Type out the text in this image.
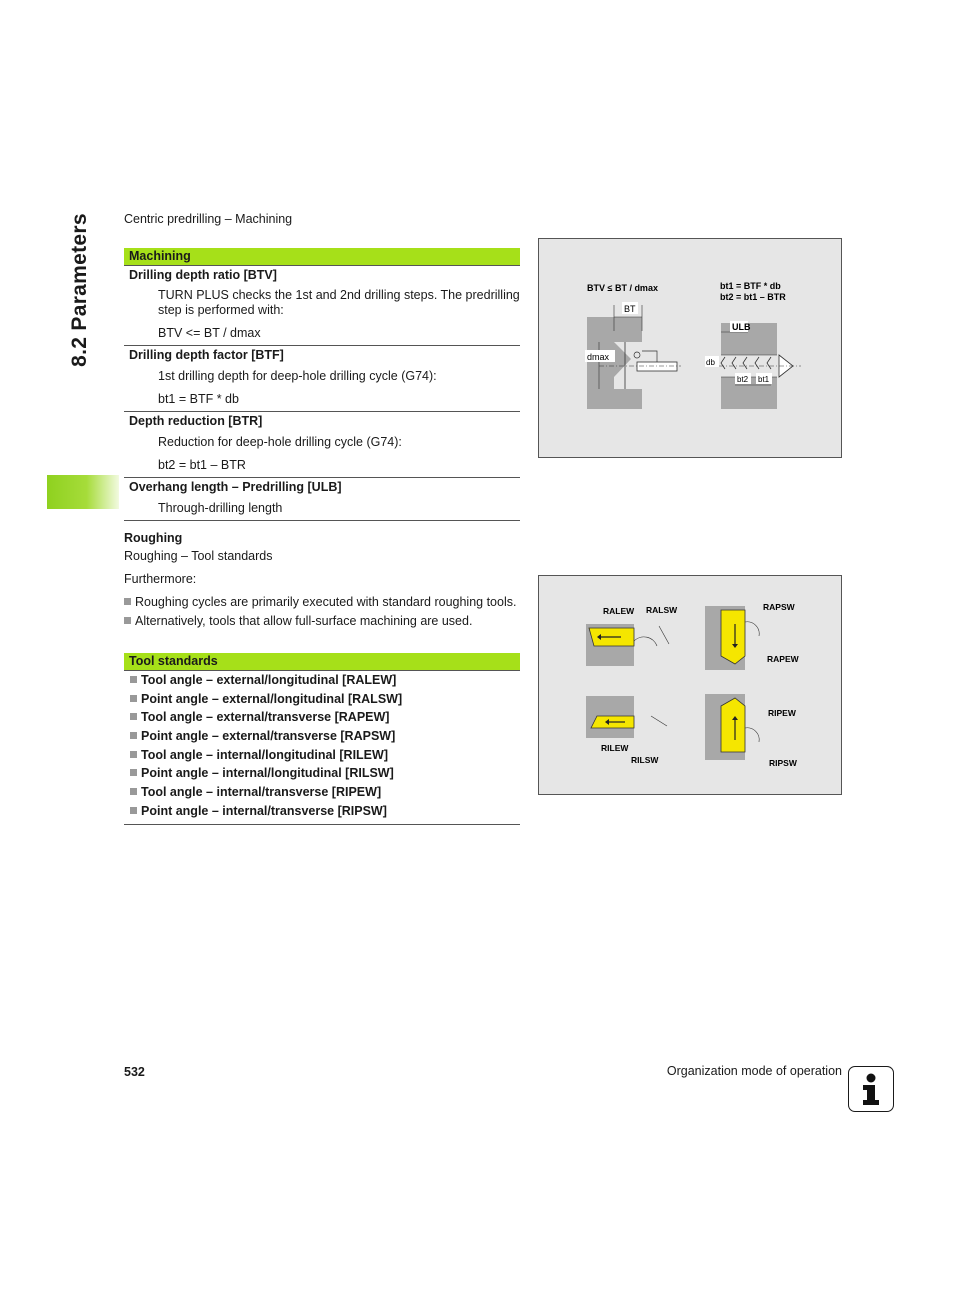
8.2 Parameters	Centric predrilling – Machining
Machining
Drilling depth ratio [BTV]
TURN PLUS checks the 1st and 2nd drilling steps. The predrilling step is performed with:
BTV <= BT / dmax
Drilling depth factor [BTF]
1st drilling depth for deep-hole drilling cycle (G74):
bt1 = BTF * db
Depth reduction [BTR]
Reduction for deep-hole drilling cycle (G74):
bt2 = bt1 – BTR
Overhang length – Predrilling [ULB]
Through-drilling length
Roughing
Roughing – Tool standards
Furthermore:
Roughing cycles are primarily executed with standard roughing tools.
Alternatively, tools that allow full-surface machining are used.
Tool standards
Tool angle – external/longitudinal [RALEW]
Point angle – external/longitudinal [RALSW]
Tool angle – external/transverse [RAPEW]
Point angle – external/transverse [RAPSW]
Tool angle – internal/longitudinal [RILEW]
Point angle – internal/longitudinal [RILSW]
Tool angle – internal/transverse [RIPEW]
Point angle – internal/transverse [RIPSW]
BTV ≤ BT / dmax	bt1 = BTF * db
bt2 = bt1 – BTR
BT
dmax
ULB
db
bt2 bt1
RALEW RALSW	RAPSW
RAPEW
RILEW
RILSW
RIPEW
RIPSW
532	Organization mode of operation
